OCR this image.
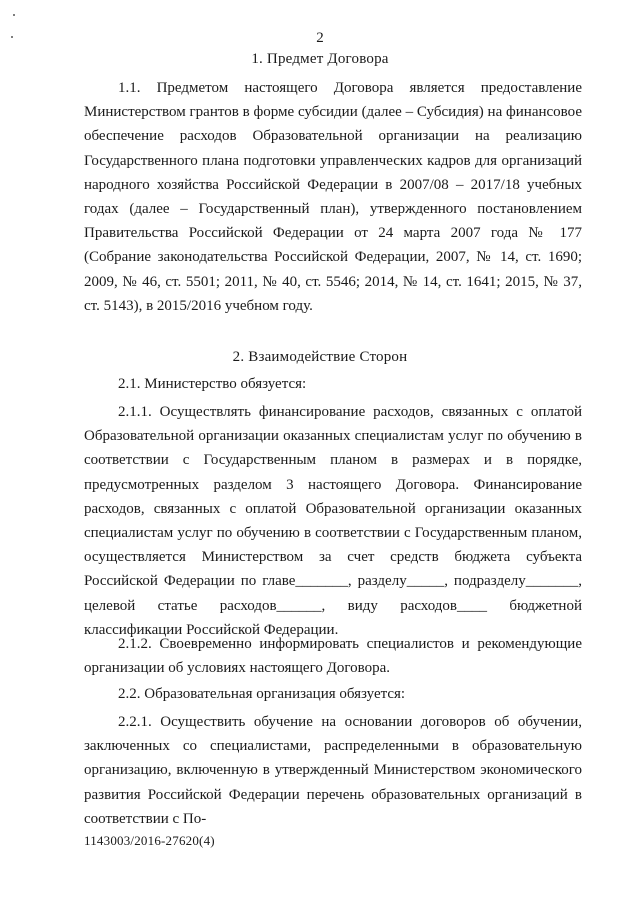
2
1. Предмет Договора

1.1. Предметом настоящего Договора является предоставление Министерством грантов в форме субсидии (далее – Субсидия) на финансовое обеспечение расходов Образовательной организации на реализацию Государственного плана подготовки управленческих кадров для организаций народного хозяйства Российской Федерации в 2007/08 – 2017/18 учебных годах (далее – Государственный план), утвержденного постановлением Правительства Российской Федерации от 24 марта 2007 года № 177 (Собрание законодательства Российской Федерации, 2007, № 14, ст. 1690; 2009, № 46, ст. 5501; 2011, № 40, ст. 5546; 2014, № 14, ст. 1641; 2015, № 37, ст. 5143), в 2015/2016 учебном году.

2. Взаимодействие Сторон

2.1. Министерство обязуется:

2.1.1. Осуществлять финансирование расходов, связанных с оплатой Образовательной организации оказанных специалистам услуг по обучению в соответствии с Государственным планом в размерах и в порядке, предусмотренных разделом 3 настоящего Договора. Финансирование расходов, связанных с оплатой Образовательной организации оказанных специалистам услуг по обучению в соответствии с Государственным планом, осуществляется Министерством за счет средств бюджета субъекта Российской Федерации по главе_______, разделу_____, подразделу_______, целевой статье расходов______, виду расходов____ бюджетной классификации Российской Федерации.

2.1.2. Своевременно информировать специалистов и рекомендующие организации об условиях настоящего Договора.

2.2. Образовательная организация обязуется:

2.2.1. Осуществить обучение на основании договоров об обучении, заключенных со специалистами, распределенными в образовательную организацию, включенную в утвержденный Министерством экономического развития Российской Федерации перечень образовательных организаций в соответствии с По-

1143003/2016-27620(4)
